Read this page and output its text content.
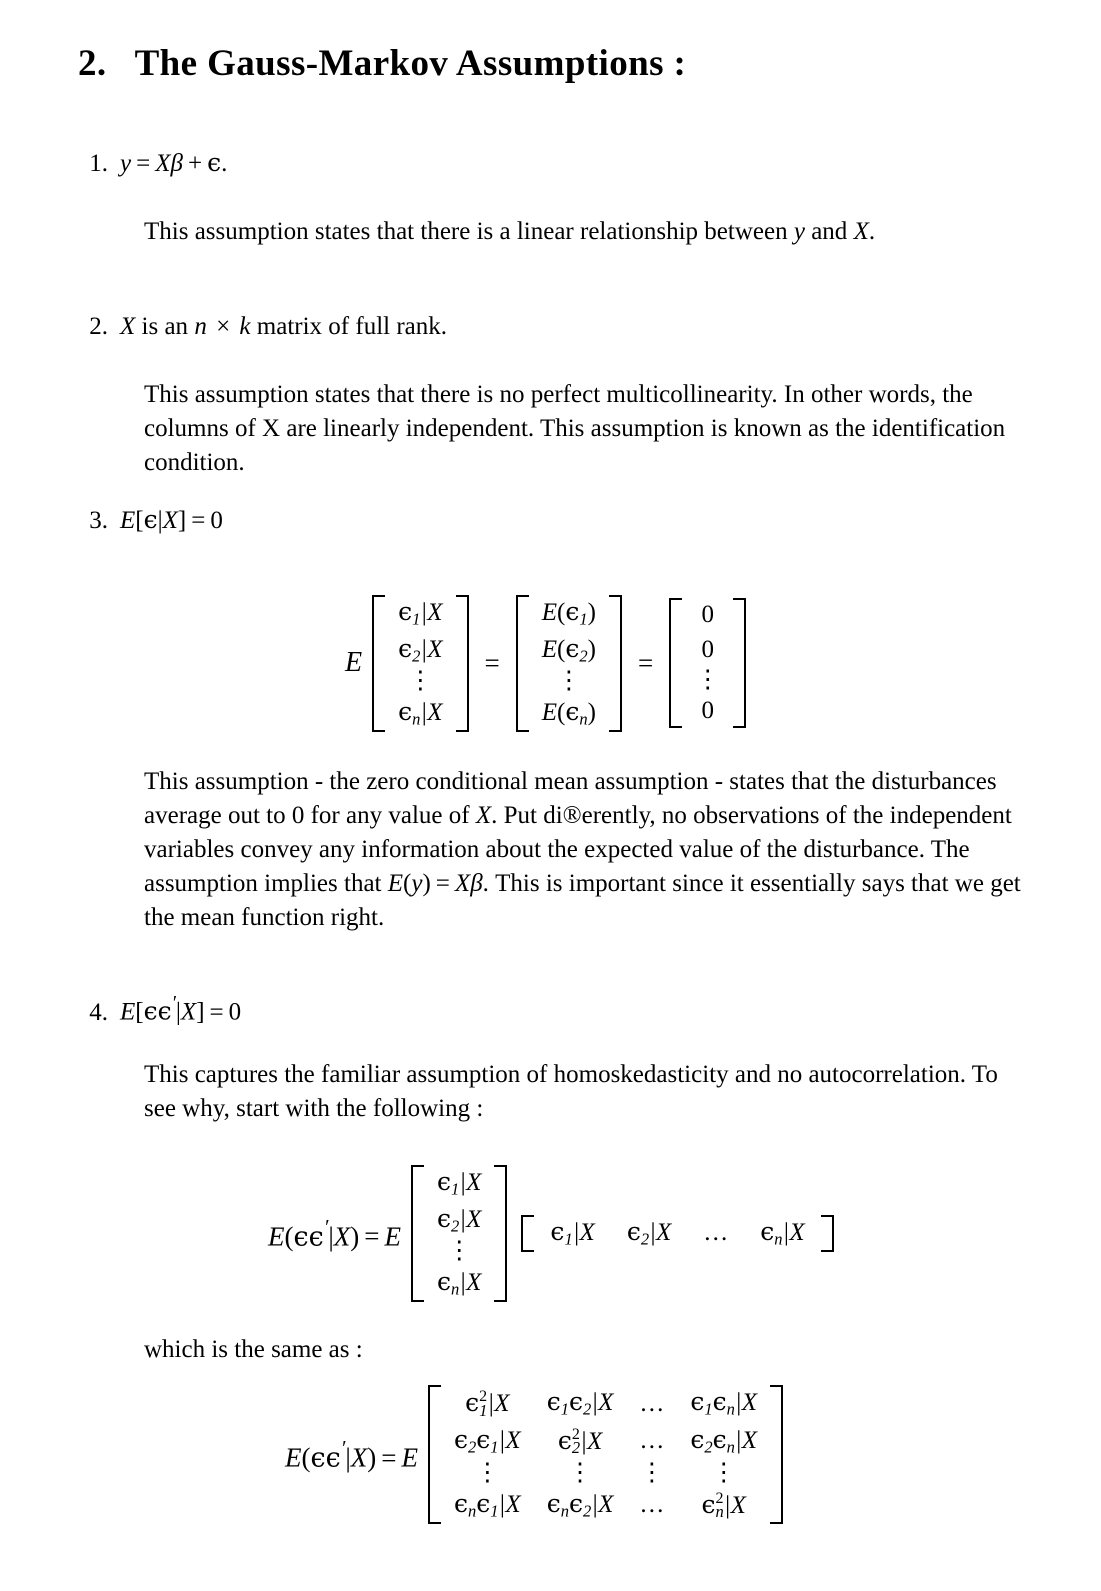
2. The Gauss-Markov Assumptions :
1. y = Xβ + ϵ.
This assumption states that there is a linear relationship between y and X.
2. X is an n × k matrix of full rank.
This assumption states that there is no perfect multicollinearity. In other words, the columns of X are linearly independent. This assumption is known as the identification condition.
3. E[ϵ|X] = 0
E
$\epsilon_1|X$
$\epsilon_2|X$
⋮
$\epsilon_n|X$
=
$E(\epsilon_1)$
$E(\epsilon_2)$
⋮
$E(\epsilon_n)$
=
0
0
⋮
0
This assumption - the zero conditional mean assumption - states that the disturbances average out to 0 for any value of X. Put di®erently, no observations of the independent variables convey any information about the expected value of the disturbance. The assumption implies that E(y) = Xβ. This is important since it essentially says that we get the mean function right.
4. E[ϵϵ′|X] = 0
This captures the familiar assumption of homoskedasticity and no autocorrelation. To see why, start with the following :
E(ϵϵ′|X) = E
$\epsilon_1|X$
$\epsilon_2|X$
⋮
$\epsilon_n|X$
$\epsilon_1|X$	$\epsilon_2|X$	…	$\epsilon_n|X$
which is the same as :
E(ϵϵ′|X) = E
$\epsilon^2_1|X$	$\epsilon_1\epsilon_2|X$	…	$\epsilon_1\epsilon_n|X$
$\epsilon_2\epsilon_1|X$	$\epsilon^2_2|X$	…	$\epsilon_2\epsilon_n|X$
⋮	⋮	⋮	⋮
$\epsilon_n\epsilon_1|X$	$\epsilon_n\epsilon_2|X$	…	$\epsilon^2_n|X$
